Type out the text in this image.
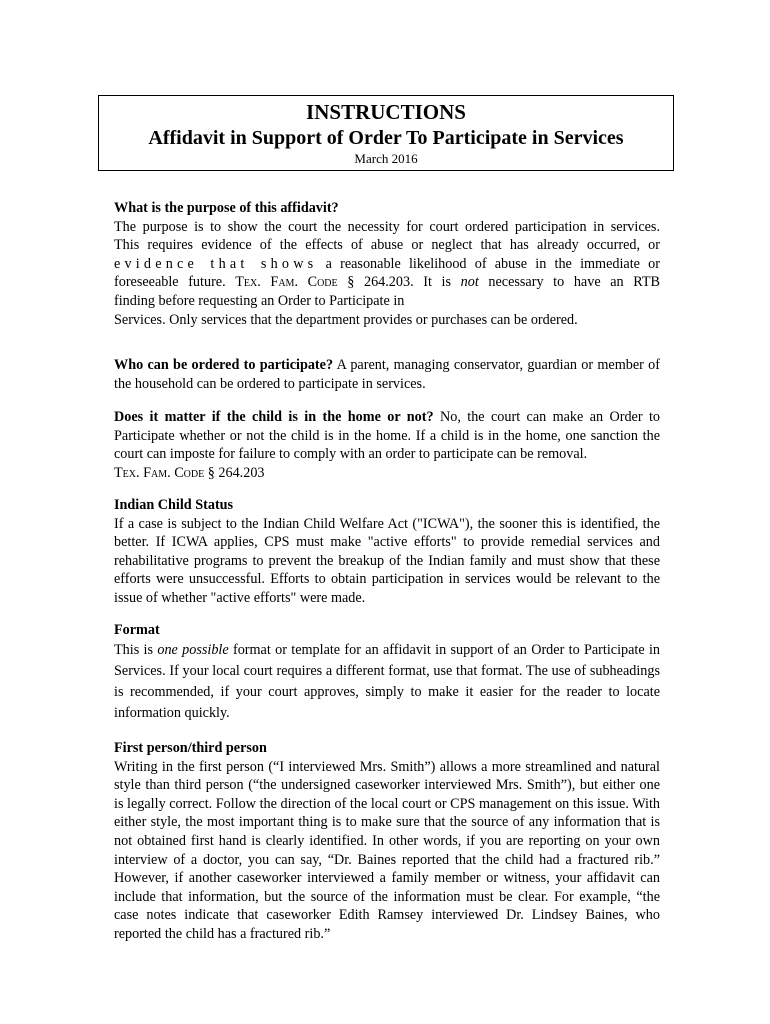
INSTRUCTIONS
Affidavit in Support of Order To Participate in Services
March 2016

What is the purpose of this affidavit?

The purpose is to show the court the necessity for court ordered participation in services.

This requires evidence of the effects of abuse or neglect that has already occurred, or

evidence that shows a reasonable likelihood of abuse in the immediate or

foreseeable future. Tex. Fam. Code § 264.203. It is not necessary to have an RTB

finding before requesting an Order to Participate in

Services. Only services that the department provides or purchases can be ordered.

Who can be ordered to participate? A parent, managing conservator, guardian or member of the household can be ordered to participate in services.

Does it matter if the child is in the home or not? No, the court can make an Order to Participate whether or not the child is in the home. If a child is in the home, one sanction the court can imposte for failure to comply with an order to participate can be removal.

Tex. Fam. Code § 264.203

Indian Child Status

If a case is subject to the Indian Child Welfare Act ("ICWA"), the sooner this is identified, the better. If ICWA applies, CPS must make "active efforts" to provide remedial services and rehabilitative programs to prevent the breakup of the Indian family and must show that these efforts were unsuccessful. Efforts to obtain participation in services would be relevant to the issue of whether "active efforts" were made.

Format

This is one possible format or template for an affidavit in support of an Order to Participate in Services. If your local court requires a different format, use that format. The use of subheadings is recommended, if your court approves, simply to make it easier for the reader to locate information quickly.

First person/third person

Writing in the first person (“I interviewed Mrs. Smith”) allows a more streamlined and natural style than third person (“the undersigned caseworker interviewed Mrs. Smith”), but either one is legally correct. Follow the direction of the local court or CPS management on this issue. With either style, the most important thing is to make sure that the source of any information that is not obtained first hand is clearly identified. In other words, if you are reporting on your own interview of a doctor, you can say, “Dr. Baines reported that the child had a fractured rib.” However, if another caseworker interviewed a family member or witness, your affidavit can include that information, but the source of the information must be clear. For example, “the case notes indicate that caseworker Edith Ramsey interviewed Dr. Lindsey Baines, who reported the child has a fractured rib.”
